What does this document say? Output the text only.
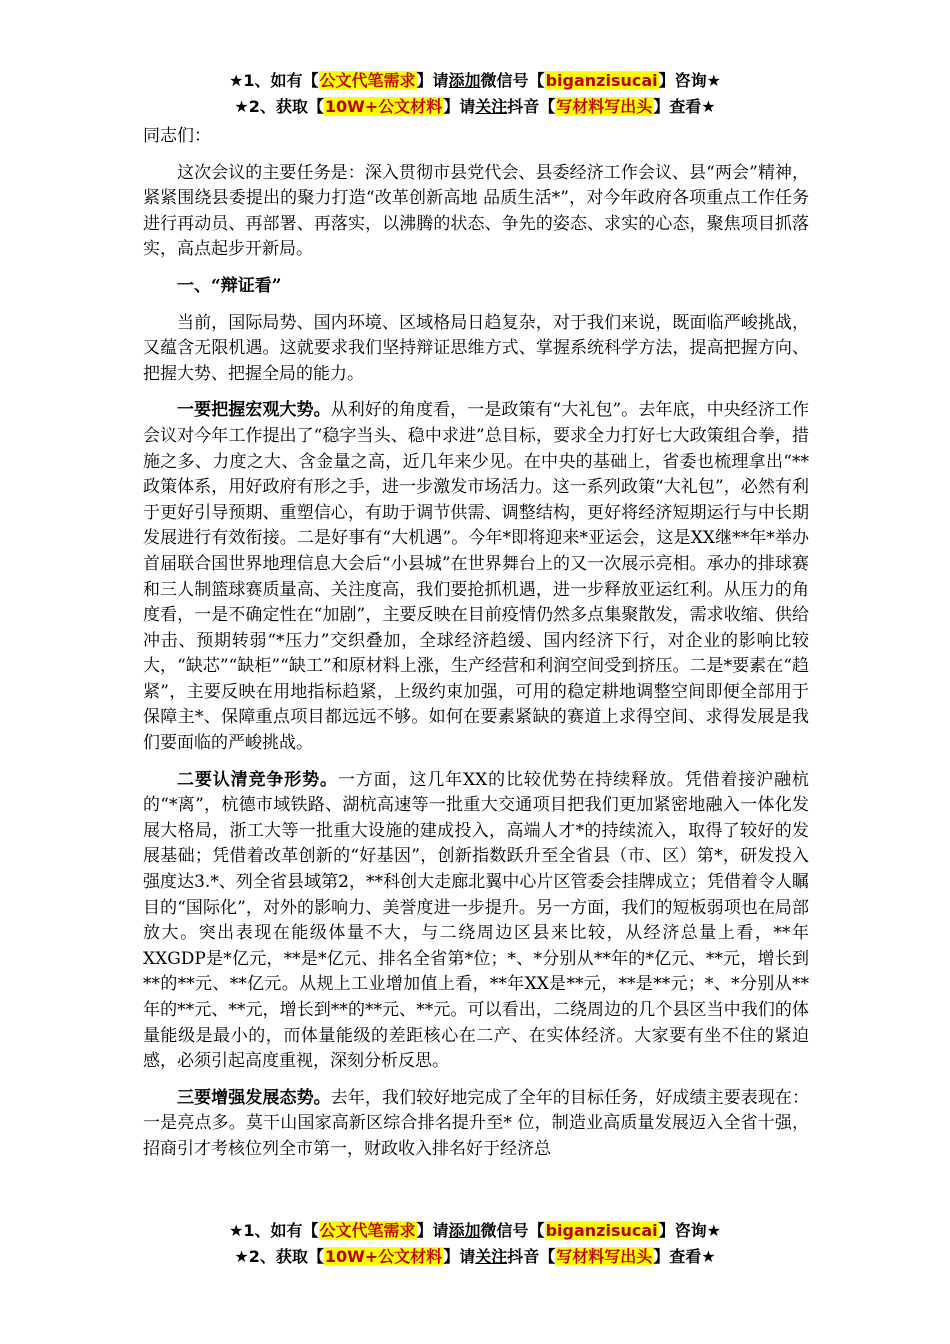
★1、如有【公文代笔需求】请添加微信号【biganzisucai】咨询★
★2、获取【10W+公文材料】请关注抖音【写材料写出头】查看★

同志们：

这次会议的主要任务是：深入贯彻市县党代会、县委经济工作会议、县“两会”精神，紧紧围绕县委提出的聚力打造“改革创新高地 品质生活*”，对今年政府各项重点工作任务进行再动员、再部署、再落实，以沸腾的状态、争先的姿态、求实的心态，聚焦项目抓落实，高点起步开新局。

一、“辩证看”

当前，国际局势、国内环境、区域格局日趋复杂，对于我们来说，既面临严峻挑战，又蕴含无限机遇。这就要求我们坚持辩证思维方式、掌握系统科学方法，提高把握方向、把握大势、把握全局的能力。

一要把握宏观大势。从利好的角度看，一是政策有“大礼包”。去年底，中央经济工作会议对今年工作提出了“稳字当头、稳中求进”总目标，要求全力打好七大政策组合拳，措施之多、力度之大、含金量之高，近几年来少见。在中央的基础上，省委也梳理拿出“**政策体系，用好政府有形之手，进一步激发市场活力。这一系列政策“大礼包”，必然有利于更好引导预期、重塑信心，有助于调节供需、调整结构，更好将经济短期运行与中长期发展进行有效衔接。二是好事有“大机遇”。今年*即将迎来*亚运会，这是XX继**年*举办首届联合国世界地理信息大会后“小县城”在世界舞台上的又一次展示亮相。承办的排球赛和三人制篮球赛质量高、关注度高，我们要抢抓机遇，进一步释放亚运红利。从压力的角度看，一是不确定性在“加剧”，主要反映在目前疫情仍然多点集聚散发，需求收缩、供给冲击、预期转弱“*压力”交织叠加，全球经济趋缓、国内经济下行，对企业的影响比较大，“缺芯”“缺柜”“缺工”和原材料上涨，生产经营和利润空间受到挤压。二是*要素在“趋紧”，主要反映在用地指标趋紧，上级约束加强，可用的稳定耕地调整空间即便全部用于保障主*、保障重点项目都远远不够。如何在要素紧缺的赛道上求得空间、求得发展是我们要面临的严峻挑战。

二要认清竞争形势。一方面，这几年XX的比较优势在持续释放。凭借着接沪融杭的“*离”，杭德市域铁路、湖杭高速等一批重大交通项目把我们更加紧密地融入一体化发展大格局，浙工大等一批重大设施的建成投入，高端人才*的持续流入，取得了较好的发展基础；凭借着改革创新的“好基因”，创新指数跃升至全省县（市、区）第*，研发投入强度达3.*、列全省县域第2，**科创大走廊北翼中心片区管委会挂牌成立；凭借着令人瞩目的“国际化”，对外的影响力、美誉度进一步提升。另一方面，我们的短板弱项也在局部放大。突出表现在能级体量不大，与二绕周边区县来比较，从经济总量上看，**年XXGDP是*亿元，**是*亿元、排名全省第*位；*、*分别从**年的*亿元、**元，增长到**的**元、**亿元。从规上工业增加值上看，**年XX是**元，**是**元；*、*分别从**年的**元、**元，增长到**的**元、**元。可以看出，二绕周边的几个县区当中我们的体量能级是最小的，而体量能级的差距核心在二产、在实体经济。大家要有坐不住的紧迫感，必须引起高度重视，深刻分析反思。

三要增强发展态势。去年，我们较好地完成了全年的目标任务，好成绩主要表现在：一是亮点多。莫干山国家高新区综合排名提升至* 位，制造业高质量发展迈入全省十强，招商引才考核位列全市第一，财政收入排名好于经济总

★1、如有【公文代笔需求】请添加微信号【biganzisucai】咨询★
★2、获取【10W+公文材料】请关注抖音【写材料写出头】查看★
